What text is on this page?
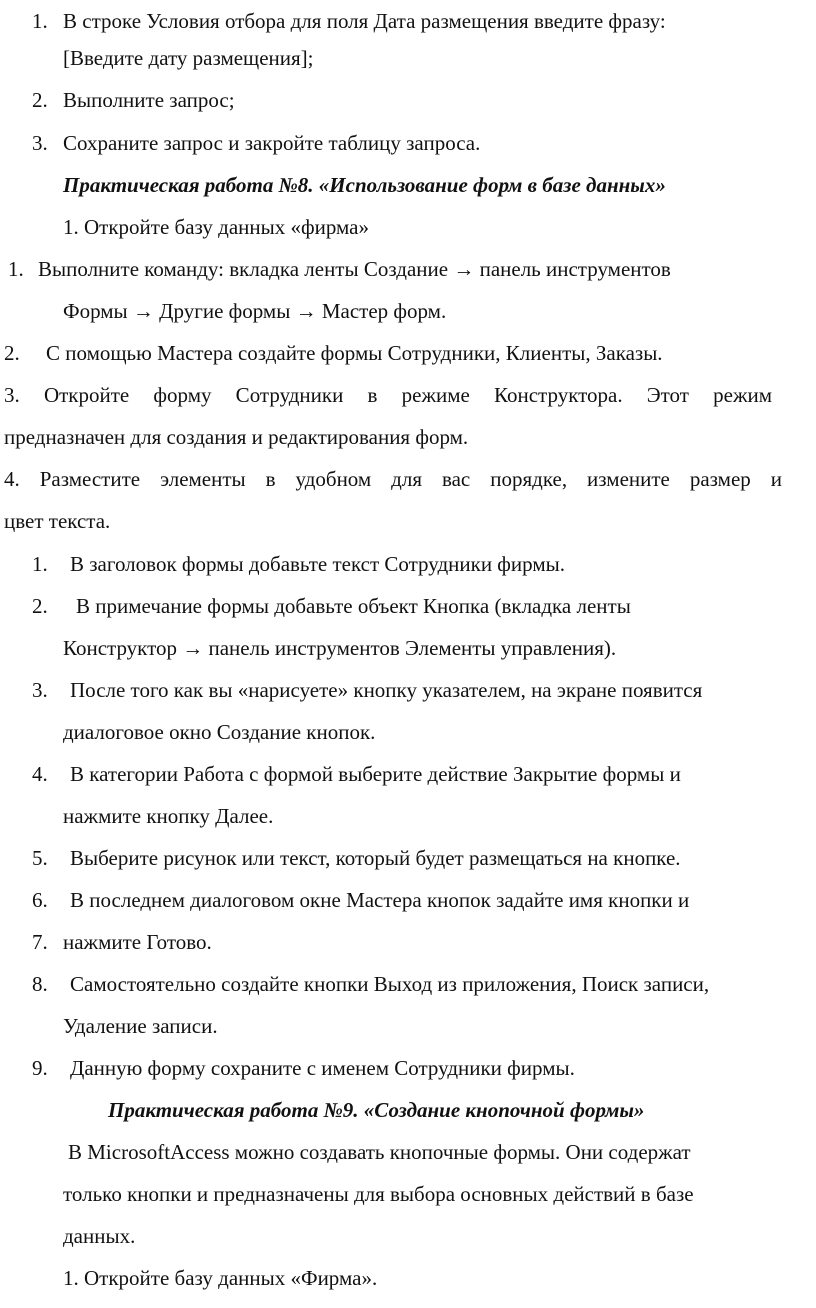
1. В строке Условия отбора для поля Дата размещения введите фразу:
[Введите дату размещения];
2. Выполните запрос;
3. Сохраните запрос и закройте таблицу запроса.
Практическая работа №8. «Использование форм в базе данных»
1. Откройте базу данных «фирма»
1. Выполните команду: вкладка ленты Создание → панель инструментов
Формы → Другие формы → Мастер форм.
2. С помощью Мастера создайте формы Сотрудники, Клиенты, Заказы.
3. Откройте форму Сотрудники в режиме Конструктора. Этот режим
предназначен для создания и редактирования форм.
4. Разместите элементы в удобном для вас порядке, измените размер и
цвет текста.
1. В заголовок формы добавьте текст Сотрудники фирмы.
2. В примечание формы добавьте объект Кнопка (вкладка ленты
Конструктор → панель инструментов Элементы управления).
3. После того как вы «нарисуете» кнопку указателем, на экране появится
диалоговое окно Создание кнопок.
4. В категории Работа с формой выберите действие Закрытие формы и
нажмите кнопку Далее.
5. Выберите рисунок или текст, который будет размещаться на кнопке.
6. В последнем диалоговом окне Мастера кнопок задайте имя кнопки и
7. нажмите Готово.
8. Самостоятельно создайте кнопки Выход из приложения, Поиск записи,
Удаление записи.
9. Данную форму сохраните с именем Сотрудники фирмы.
Практическая работа №9. «Создание кнопочной формы»
В MicrosoftAccess можно создавать кнопочные формы. Они содержат
только кнопки и предназначены для выбора основных действий в базе
данных.
1. Откройте базу данных «Фирма».
